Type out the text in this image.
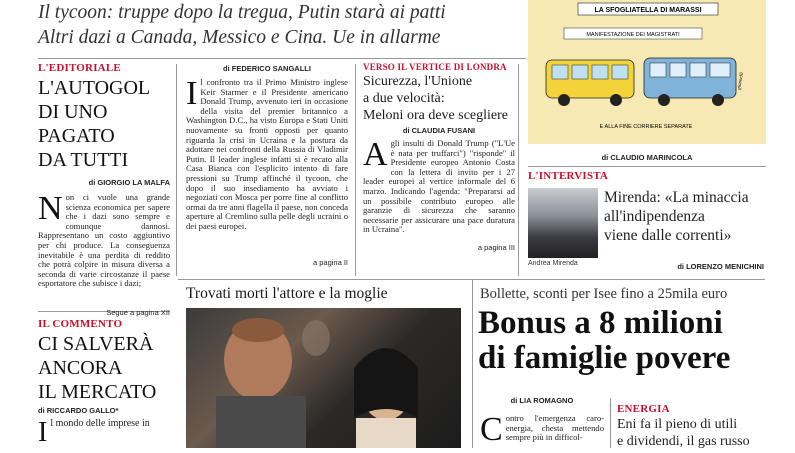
Il tycoon: truppe dopo la tregua, Putin starà ai patti
Altri dazi a Canada, Messico e Cina. Ue in allarme
L'EDITORIALE
L'AUTOGOL
DI UNO PAGATO
DA TUTTI
di GIORGIO LA MALFA
N on ci vuole una grande scienza economica per sapere che i dazi sono sempre e comunque dannosi. Rappresentano un costo aggiuntivo per chi produce. La conseguenza inevitabile è una perdita di reddito che potrà colpire in misura diversa a seconda di varie circostanze il paese esportatore che subisce i dazi;
Segue a pagina XII
IL COMMENTO
CI SALVERÀ
ANCORA
IL MERCATO
di RICCARDO GALLO*
I l mondo delle imprese in
di FEDERICO SANGALLI
I l confronto tra il Primo Ministro inglese Keir Starmer e il Presidente americano Donald Trump, avvenuto ieri in occasione della visita del premier britannico a Washington D.C., ha visto Europa e Stati Uniti nuovamente su fronti opposti per quanto riguarda la crisi in Ucraina e la postura da adottare nei confronti della Russia di Vladimir Putin. Il leader inglese infatti si è recato alla Casa Bianca con l'esplicito intento di fare pressioni su Trump affinché il tycoon, che dopo il suo insediamento ha avviato i negoziati con Mosca per porre fine al conflitto ormai da tre anni flagella il paese, non conceda aperture al Cremlino sulla pelle degli ucraini o dei paesi europei.
a pagina II
VERSO IL VERTICE DI LONDRA
Sicurezza, l'Unione
a due velocità:
Meloni ora deve scegliere
di CLAUDIA FUSANI
A gli insulti di Donald Trump ("L'Ue è nata per truffarci") "risponde" il Presidente europeo Antonio Costa con la lettera di invito per i 27 leader europei al vertice informale del 6 marzo. Indicando l'agenda: "Prepararsi ad un possibile contributo europeo alle garanzie di sicurezza che saranno necessarie per assicurare una pace duratura in Ucraina".
a pagina III
LA SFOGLIATELLA DI MARASSI
MANIFESTAZIONE DEI MAGISTRATI
giannelli
E ALLA FINE CORRIERE SEPARATE
di CLAUDIO MARINCOLA
L'INTERVISTA
Andrea Mirenda
Mirenda: «La minaccia
all'indipendenza
viene dalle correnti»
di LORENZO MENICHINI
Trovati morti l'attore e la moglie	Bollette, sconti per Isee fino a 25mila euro
Bonus a 8 milioni
di famiglie povere
di LIA ROMAGNO
C ontro l'emergenza caro-energia, chesta mettendo sempre più in difficol-
ENERGIA
Eni fa il pieno di utili
e dividendi, il gas russo
